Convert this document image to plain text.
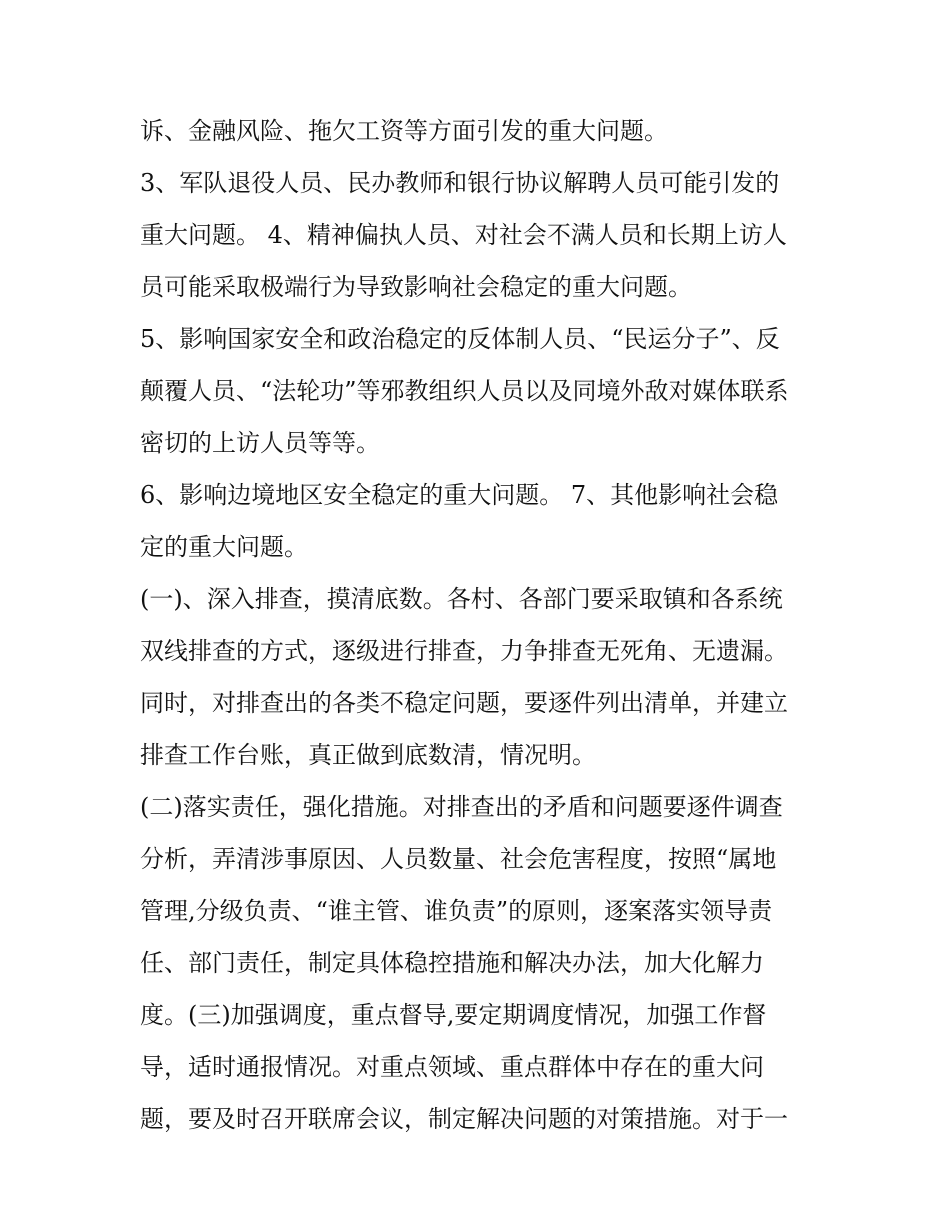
诉、金融风险、拖欠工资等方面引发的重大问题。
3、军队退役人员、民办教师和银行协议解聘人员可能引发的
重大问题。 4、精神偏执人员、对社会不满人员和长期上访人
员可能采取极端行为导致影响社会稳定的重大问题。
5、影响国家安全和政治稳定的反体制人员、“民运分子”、反
颠覆人员、“法轮功”等邪教组织人员以及同境外敌对媒体联系
密切的上访人员等等。
6、影响边境地区安全稳定的重大问题。 7、其他影响社会稳
定的重大问题。
(一)、深入排查，摸清底数。各村、各部门要采取镇和各系统
双线排查的方式，逐级进行排查，力争排查无死角、无遗漏。
同时，对排查出的各类不稳定问题，要逐件列出清单，并建立
排查工作台账，真正做到底数清，情况明。
(二)落实责任，强化措施。对排查出的矛盾和问题要逐件调查
分析，弄清涉事原因、人员数量、社会危害程度，按照“属地
管理,分级负责、“谁主管、谁负责”的原则，逐案落实领导责
任、部门责任，制定具体稳控措施和解决办法，加大化解力
度。(三)加强调度，重点督导,要定期调度情况，加强工作督
导，适时通报情况。对重点领域、重点群体中存在的重大问
题，要及时召开联席会议，制定解决问题的对策措施。对于一
